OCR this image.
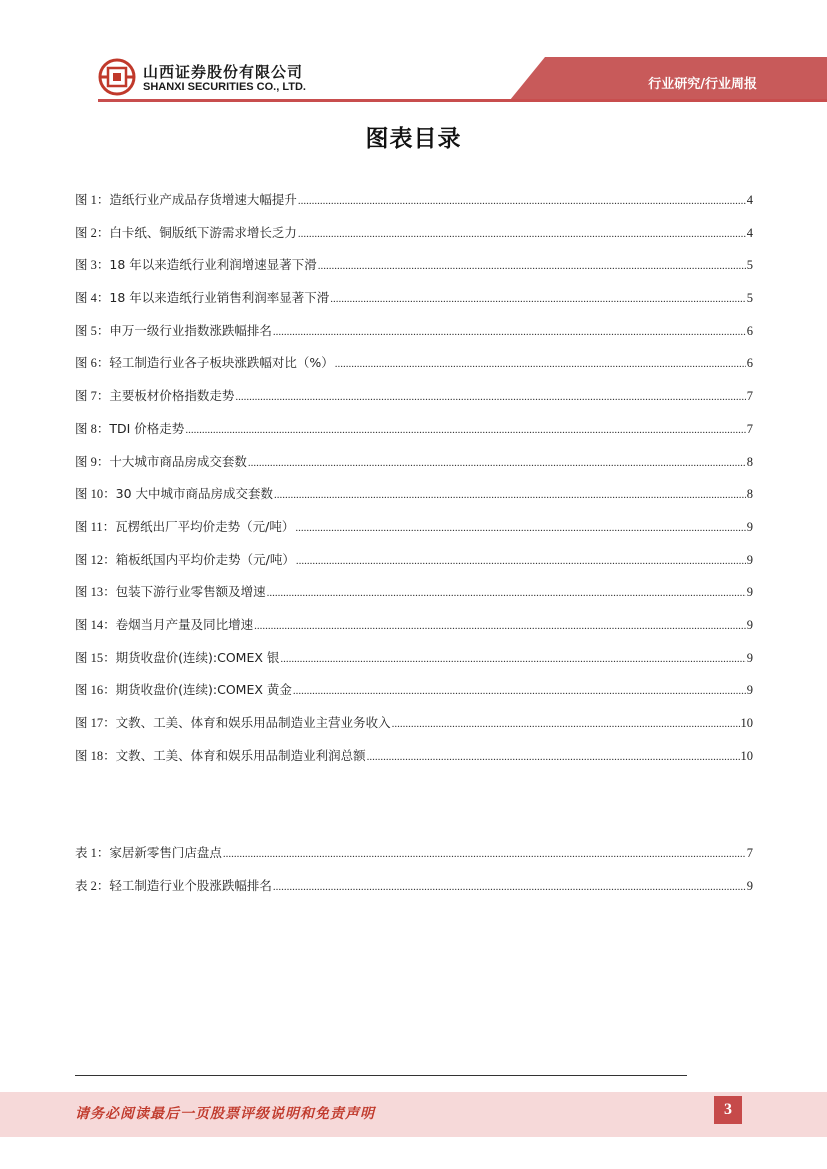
山西证券股份有限公司
SHANXI SECURITIES CO., LTD.	行业研究/行业周报
图表目录
图 1： 造纸行业产成品存货增速大幅提升 .....	4
图 2： 白卡纸、铜版纸下游需求增长乏力 .....	4
图 3： 18 年以来造纸行业利润增速显著下滑 .....	5
图 4： 18 年以来造纸行业销售利润率显著下滑 .....	5
图 5： 申万一级行业指数涨跌幅排名 .....	6
图 6： 轻工制造行业各子板块涨跌幅对比（%） .....	6
图 7： 主要板材价格指数走势 .....	7
图 8： TDI 价格走势 .....	7
图 9： 十大城市商品房成交套数 .....	8
图 10： 30 大中城市商品房成交套数 .....	8
图 11： 瓦楞纸出厂平均价走势（元/吨） .....	9
图 12： 箱板纸国内平均价走势（元/吨） .....	9
图 13： 包装下游行业零售额及增速 .....	9
图 14： 卷烟当月产量及同比增速 .....	9
图 15： 期货收盘价(连续):COMEX 银 .....	9
图 16： 期货收盘价(连续):COMEX 黄金 .....	9
图 17： 文教、工美、体育和娱乐用品制造业主营业务收入 .....	10
图 18： 文教、工美、体育和娱乐用品制造业利润总额 .....	10
表 1： 家居新零售门店盘点 .....	7
表 2： 轻工制造行业个股涨跌幅排名 .....	9
请务必阅读最后一页股票评级说明和免责声明	3
